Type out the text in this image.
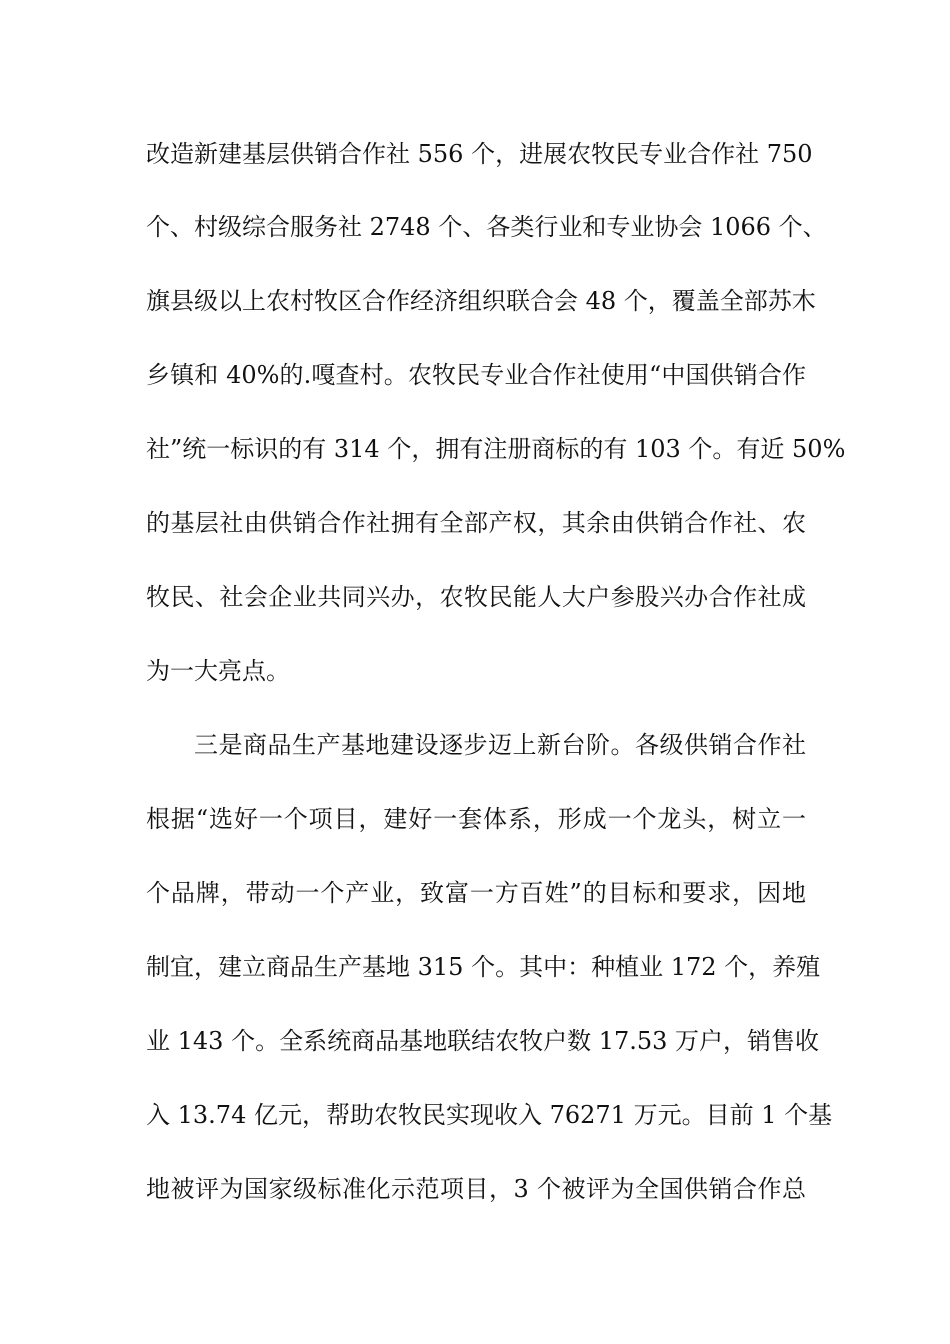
改造新建基层供销合作社 556 个，进展农牧民专业合作社 750
个、村级综合服务社 2748 个、各类行业和专业协会 1066 个、
旗县级以上农村牧区合作经济组织联合会 48 个，覆盖全部苏木
乡镇和 40%的.嘎查村。农牧民专业合作社使用“中国供销合作
社”统一标识的有 314 个，拥有注册商标的有 103 个。有近 50%
的基层社由供销合作社拥有全部产权，其余由供销合作社、农
牧民、社会企业共同兴办，农牧民能人大户参股兴办合作社成
为一大亮点。
三是商品生产基地建设逐步迈上新台阶。各级供销合作社
根据“选好一个项目，建好一套体系，形成一个龙头，树立一
个品牌，带动一个产业，致富一方百姓”的目标和要求，因地
制宜，建立商品生产基地 315 个。其中：种植业 172 个，养殖
业 143 个。全系统商品基地联结农牧户数 17.53 万户，销售收
入 13.74 亿元，帮助农牧民实现收入 76271 万元。目前 1 个基
地被评为国家级标准化示范项目，3 个被评为全国供销合作总
